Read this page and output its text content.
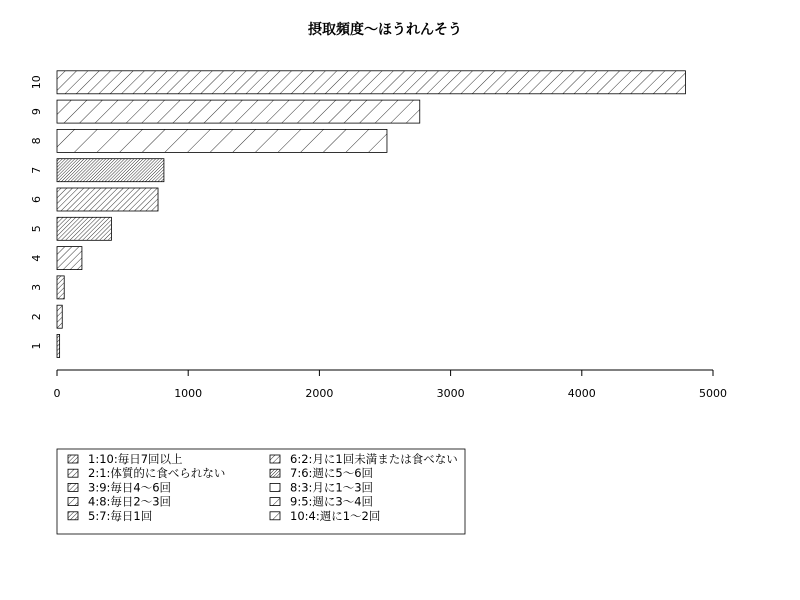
摂取頻度〜ほうれんそう
1
2
3
4
5
6
7
8
9
10
0	1000	2000	3000	4000	5000
1:10:毎日7回以上
2:1:体質的に食べられない
3:9:毎日4〜6回
4:8:毎日2〜3回
5:7:毎日1回
6:2:月に1回未満または食べない
7:6:週に5〜6回
8:3:月に1〜3回
9:5:週に3〜4回
10:4:週に1〜2回
